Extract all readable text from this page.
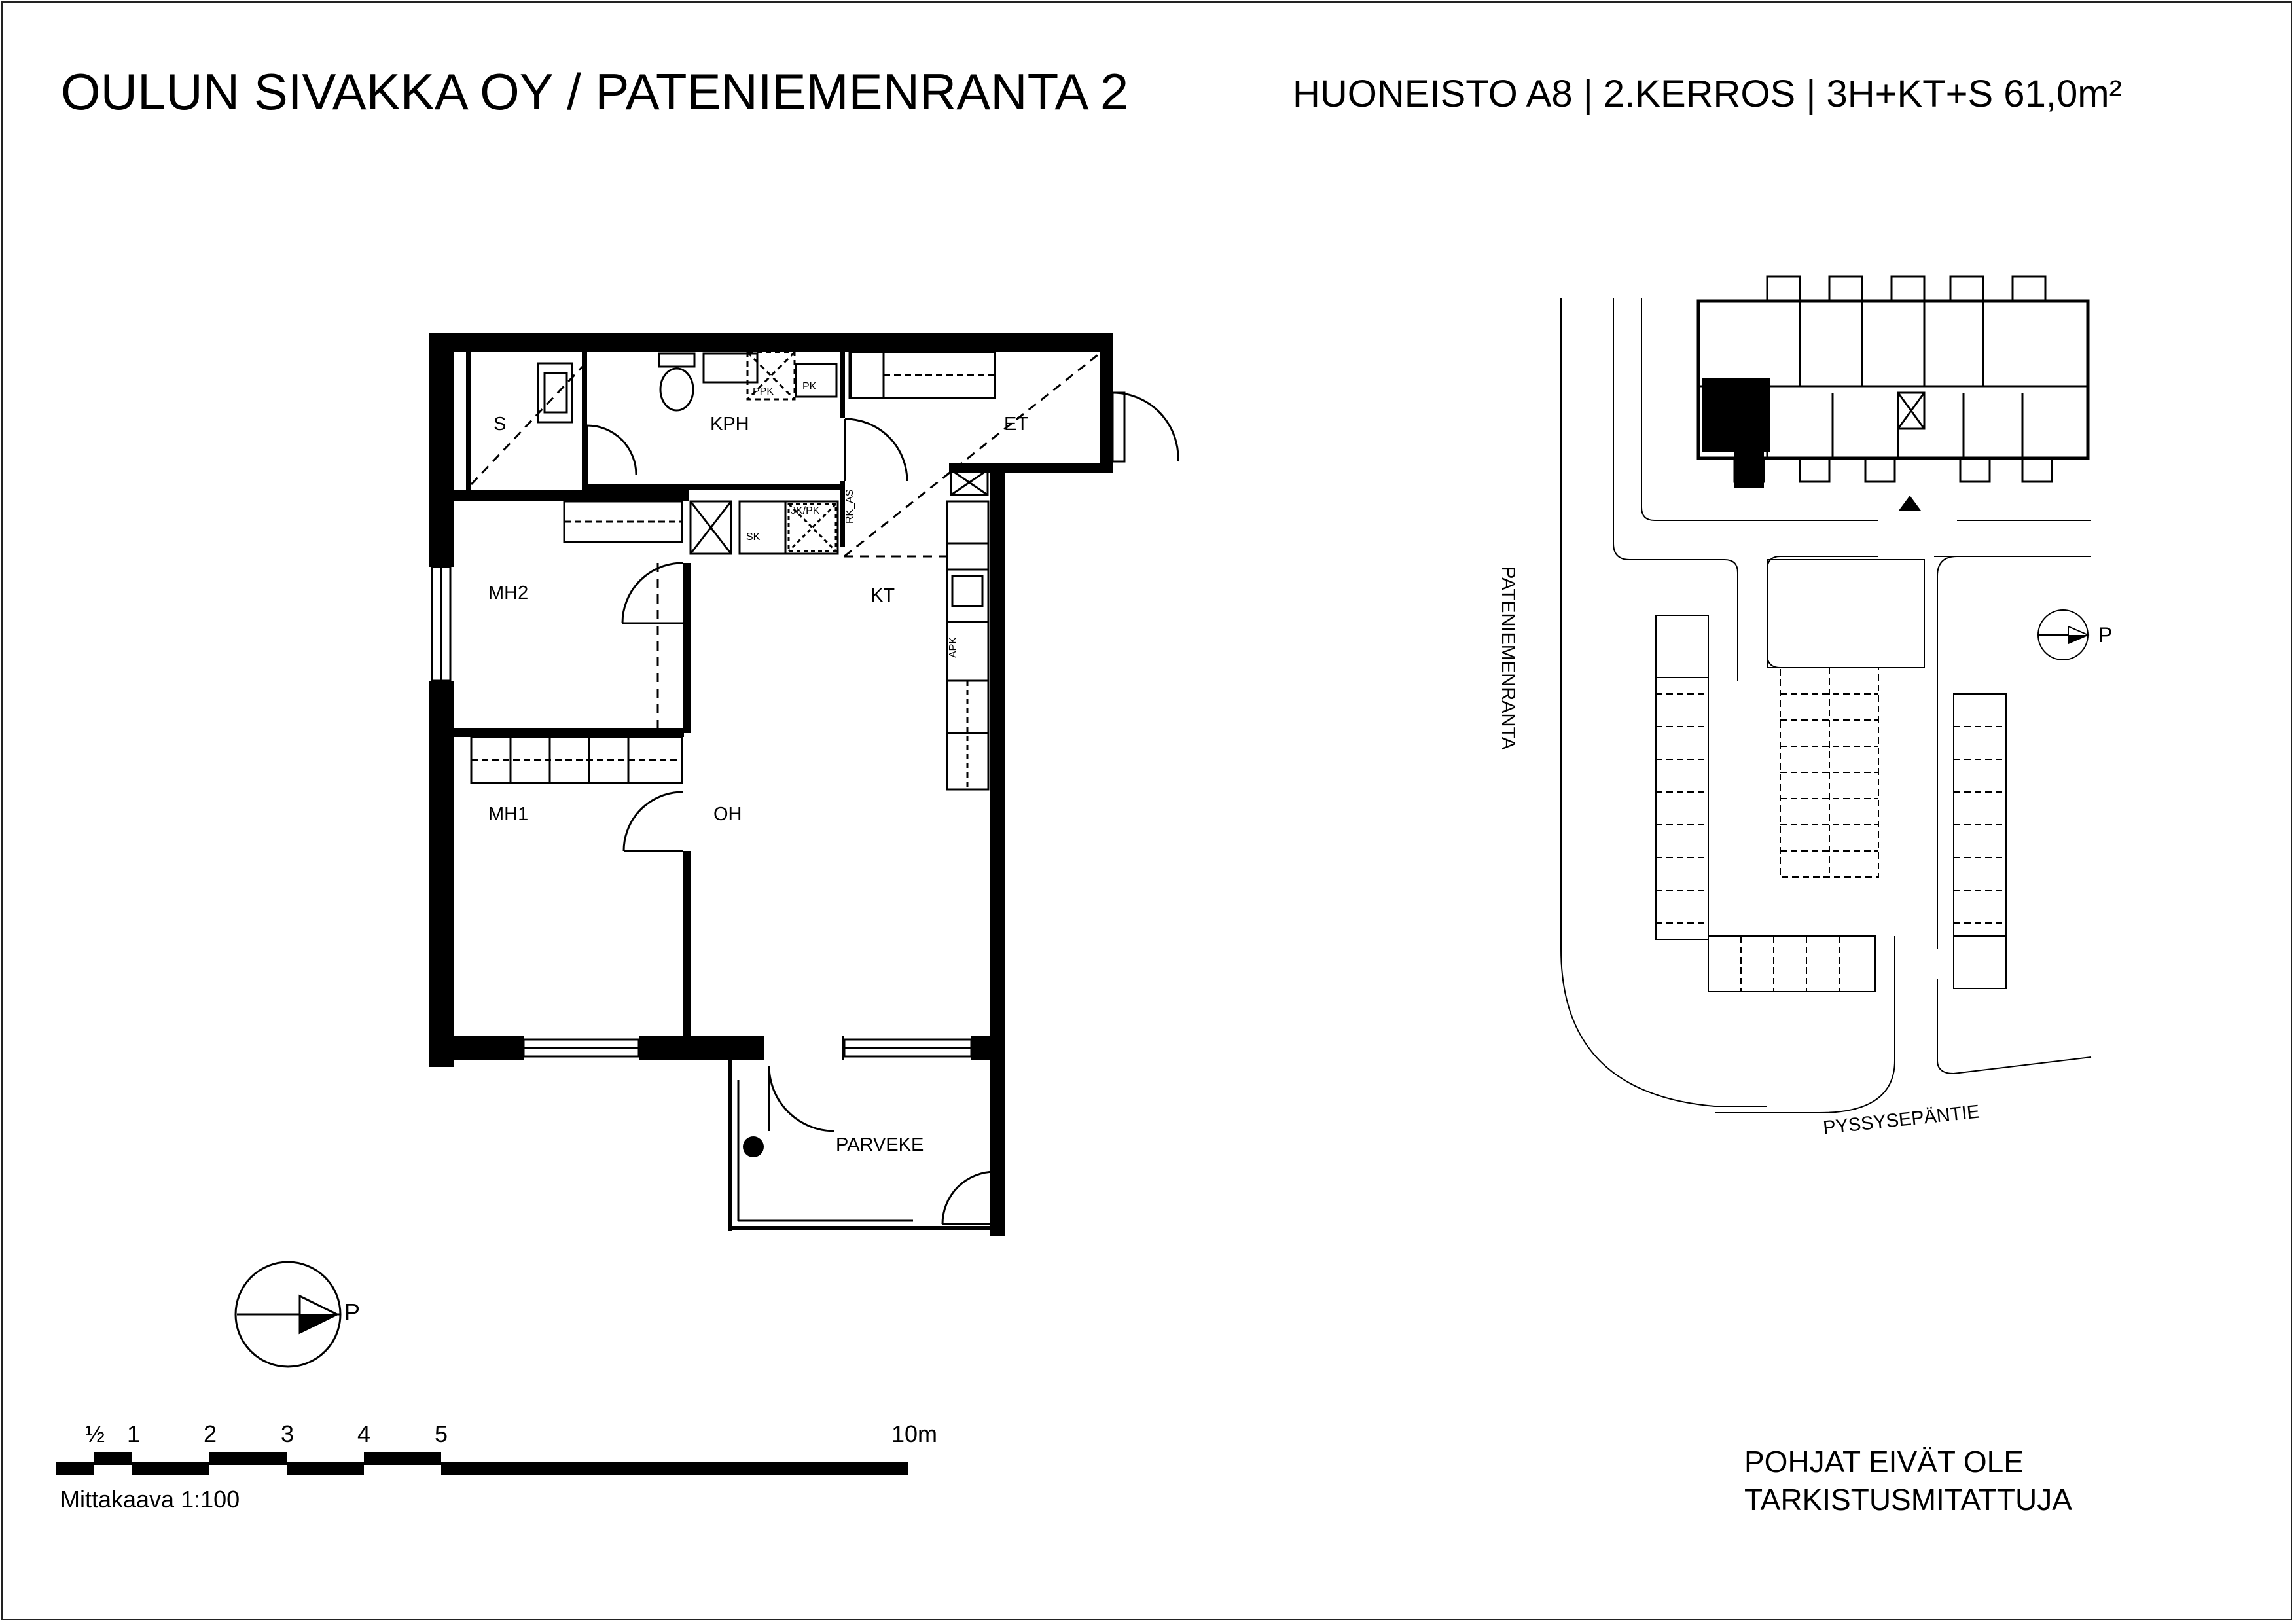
OULUN SIVAKKA OY / PATENIEMENRANTA 2	HUONEISTO A8 | 2.KERROS | 3H+KT+S 61,0m²
S	KPH	ET
MH2	KT
MH1	OH
PARVEKE
PPK	PK
JK/PK
SK
RK_AS
APK
P
½ 1	2	3	4	5	10m
Mittakaava 1:100
P
PATENIEMENRANTA
PYSSYSEPÄNTIE
POHJAT EIVÄT OLE
TARKISTUSMITATTUJA
